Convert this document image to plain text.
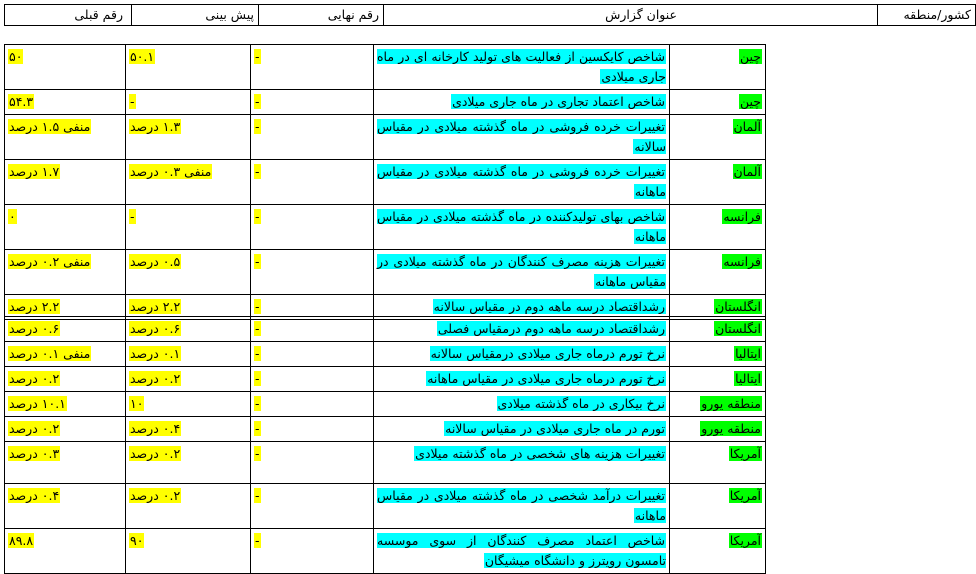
کشور/منطقه	عنوان گزارش	رقم نهایی	پیش بینی	رقم قبلی
چین	شاخص کایکسین از فعالیت های تولید کارخانه ای در ماه جاری میلادی	-	۵۰.۱	۵۰
چین	شاخص اعتماد تجاری در ماه جاری میلادی	-	-	۵۴.۳
آلمان	تغییرات خرده فروشی در ماه گذشته میلادی در مقیاس سالانه	-	۱.۳ درصد	منفی ۱.۵ درصد
آلمان	تغییرات خرده فروشی در ماه گذشته میلادی در مقیاس ماهانه	-	منفی ۰.۳ درصد	۱.۷ درصد
فرانسه	شاخص بهای تولیدکننده در ماه گذشته میلادی در مقیاس ماهانه	-	-	۰
فرانسه	تغییرات هزینه مصرف کنندگان در ماه گذشته میلادی در مقیاس ماهانه	-	۰.۵ درصد	منفی ۰.۲ درصد
انگلستان	رشداقتصاد درسه ماهه دوم در مقیاس سالانه	-	۲.۲ درصد	۲.۲ درصد
انگلستان	رشداقتصاد درسه ماهه دوم درمقیاس فصلی	-	۰.۶ درصد	۰.۶ درصد
ایتالیا	نرخ تورم درماه جاری میلادی درمقیاس سالانه	-	۰.۱ درصد	منفی ۰.۱ درصد
ایتالیا	نرخ تورم درماه جاری میلادی در مقیاس ماهانه	-	۰.۲ درصد	۰.۲ درصد
منطقه یورو	نرخ بیکاری در ماه گذشته میلادی	-	۱۰	۱۰.۱ درصد
منطقه یورو	تورم در ماه جاری میلادی در مقیاس سالانه	-	۰.۴ درصد	۰.۲ درصد
آمریکا	تغییرات هزینه های شخصی در ماه گذشته میلادی	-	۰.۲ درصد	۰.۳ درصد
آمریکا	تغییرات درآمد شخصی در ماه گذشته میلادی در مقیاس ماهانه	-	۰.۲ درصد	۰.۴ درصد
آمریکا	شاخص اعتماد مصرف کنندگان از سوی موسسه تامسون رویترز و دانشگاه میشیگان	-	۹۰	۸۹.۸
